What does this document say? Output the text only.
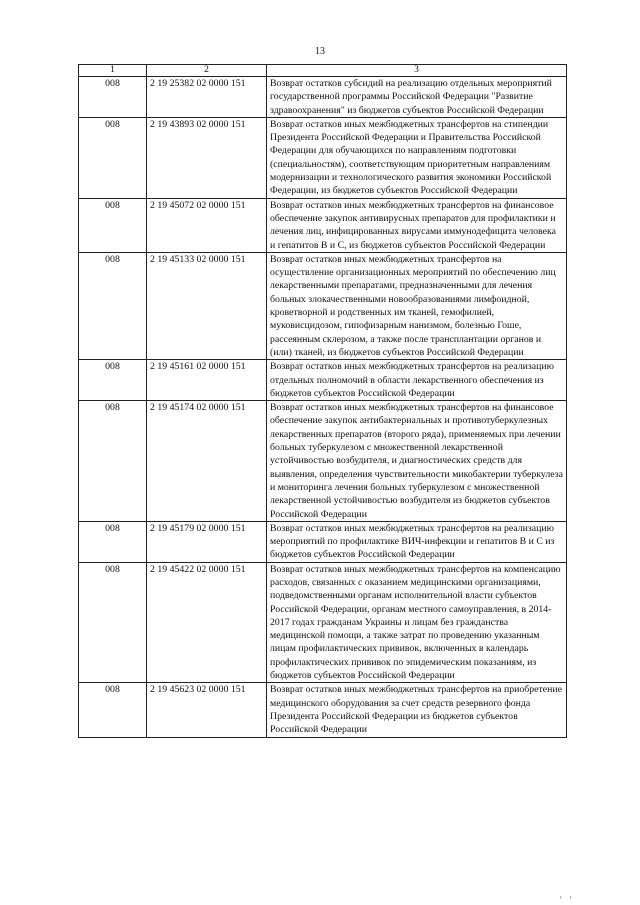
13
1	2	3
008	2 19 25382 02 0000 151	Возврат остатков субсидий на реализацию отдельных мероприятий государственной программы Российской Федерации "Развитие здравоохранения" из бюджетов субъектов Российской Федерации
008	2 19 43893 02 0000 151	Возврат остатков иных межбюджетных трансфертов на стипендии Президента Российской Федерации и Правительства Российской Федерации для обучающихся по направлениям подготовки (специальностям), соответствующим приоритетным направлениям модернизации и технологического развития экономики Российской Федерации, из бюджетов субъектов Российской Федерации
008	2 19 45072 02 0000 151	Возврат остатков иных межбюджетных трансфертов на финансовое обеспечение закупок антивирусных препаратов для профилактики и лечения лиц, инфицированных вирусами иммунодефицита человека и гепатитов В и С, из бюджетов субъектов Российской Федерации
008	2 19 45133 02 0000 151	Возврат остатков иных межбюджетных трансфертов на осуществление организационных мероприятий по обеспечению лиц лекарственными препаратами, предназначенными для лечения больных злокачественными новообразованиями лимфоидной, кроветворной и родственных им тканей, гемофилией, муковисцидозом, гипофизарным нанизмом, болезнью Гоше, рассеянным склерозом, а также после трансплантации органов и (или) тканей, из бюджетов субъектов Российской Федерации
008	2 19 45161 02 0000 151	Возврат остатков иных межбюджетных трансфертов на реализацию отдельных полномочий в области лекарственного обеспечения из бюджетов субъектов Российской Федерации
008	2 19 45174 02 0000 151	Возврат остатков иных межбюджетных трансфертов на финансовое обеспечение закупок антибактериальных и противотуберкулезных лекарственных препаратов (второго ряда), применяемых при лечении больных туберкулезом с множественной лекарственной устойчивостью возбудителя, и диагностических средств для выявления, определения чувствительности микобактерии туберкулеза и мониторинга лечения больных туберкулезом с множественной лекарственной устойчивостью возбудителя из бюджетов субъектов Российской Федерации
008	2 19 45179 02 0000 151	Возврат остатков иных межбюджетных трансфертов на реализацию мероприятий по профилактике ВИЧ-инфекции и гепатитов В и С из бюджетов субъектов Российской Федерации
008	2 19 45422 02 0000 151	Возврат остатков иных межбюджетных трансфертов на компенсацию расходов, связанных с оказанием медицинскими организациями, подведомственными органам исполнительной власти субъектов Российской Федерации, органам местного самоуправления, в 2014-2017 годах гражданам Украины и лицам без гражданства медицинской помощи, а также затрат по проведению указанным лицам профилактических прививок, включенных в календарь профилактических прививок по эпидемическим показаниям, из бюджетов субъектов Российской Федерации
008	2 19 45623 02 0000 151	Возврат остатков иных межбюджетных трансфертов на приобретение медицинского оборудования за счет средств резервного фонда Президента Российской Федерации из бюджетов субъектов Российской Федерации
' '
